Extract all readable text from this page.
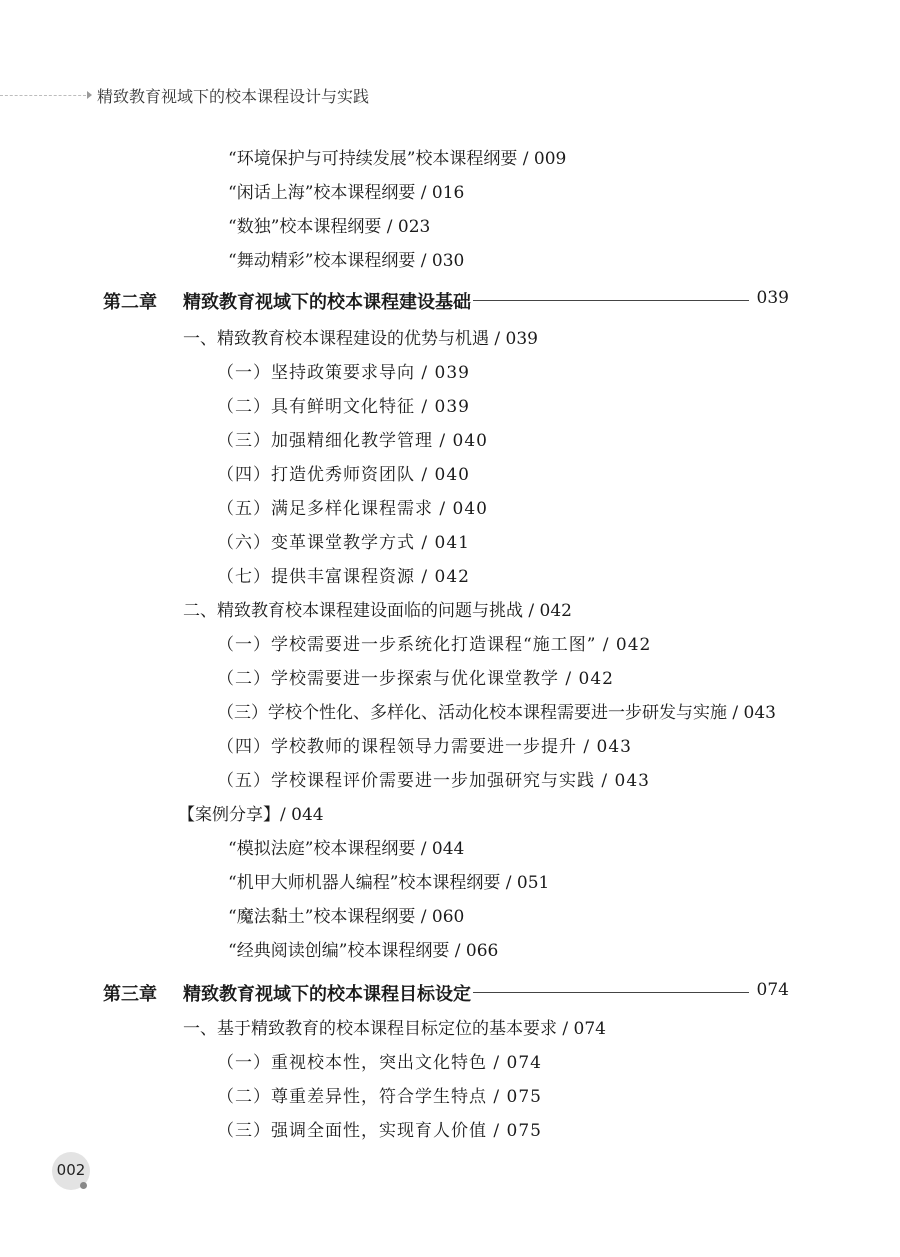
精致教育视域下的校本课程设计与实践
“环境保护与可持续发展”校本课程纲要 / 009
“闲话上海”校本课程纲要 / 016
“数独”校本课程纲要 / 023
“舞动精彩”校本课程纲要 / 030
第二章 精致教育视域下的校本课程建设基础	039
一、精致教育校本课程建设的优势与机遇 / 039
（一）坚持政策要求导向 / 039
（二）具有鲜明文化特征 / 039
（三）加强精细化教学管理 / 040
（四）打造优秀师资团队 / 040
（五）满足多样化课程需求 / 040
（六）变革课堂教学方式 / 041
（七）提供丰富课程资源 / 042
二、精致教育校本课程建设面临的问题与挑战 / 042
（一）学校需要进一步系统化打造课程“施工图” / 042
（二）学校需要进一步探索与优化课堂教学 / 042
（三）学校个性化、多样化、活动化校本课程需要进一步研发与实施 / 043
（四）学校教师的课程领导力需要进一步提升 / 043
（五）学校课程评价需要进一步加强研究与实践 / 043
【案例分享】/ 044
“模拟法庭”校本课程纲要 / 044
“机甲大师机器人编程”校本课程纲要 / 051
“魔法黏土”校本课程纲要 / 060
“经典阅读创编”校本课程纲要 / 066
第三章 精致教育视域下的校本课程目标设定	074
一、基于精致教育的校本课程目标定位的基本要求 / 074
（一）重视校本性，突出文化特色 / 074
（二）尊重差异性，符合学生特点 / 075
（三）强调全面性，实现育人价值 / 075
002
